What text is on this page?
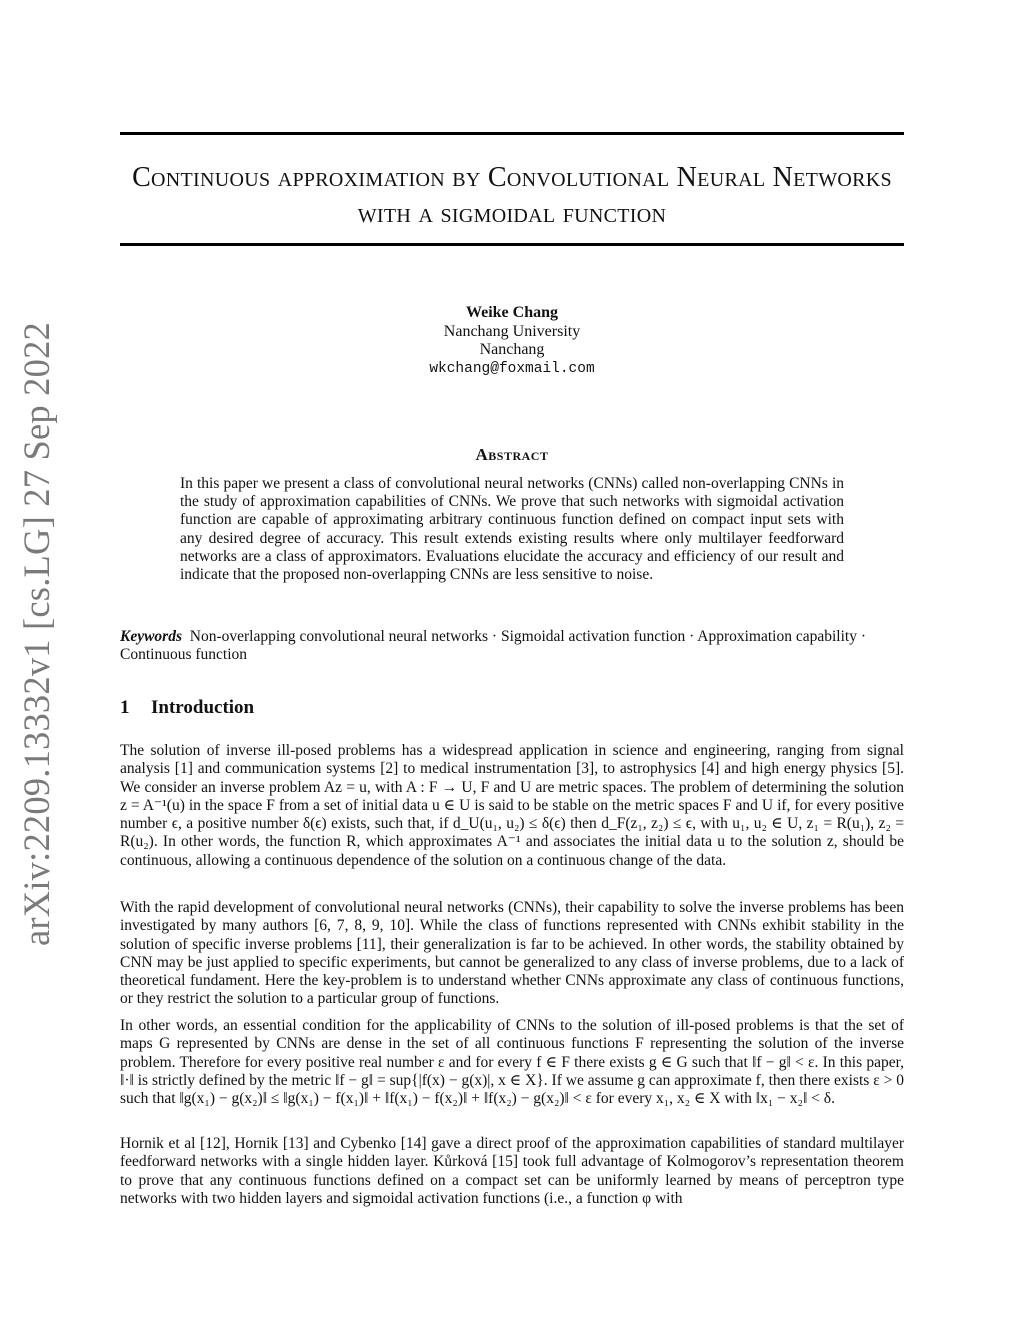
arXiv:2209.13332v1 [cs.LG] 27 Sep 2022
Continuous approximation by Convolutional Neural Networks with a sigmoidal function
Weike Chang
Nanchang University
Nanchang
wkchang@foxmail.com
Abstract

In this paper we present a class of convolutional neural networks (CNNs) called non-overlapping CNNs in the study of approximation capabilities of CNNs. We prove that such networks with sigmoidal activation function are capable of approximating arbitrary continuous function defined on compact input sets with any desired degree of accuracy. This result extends existing results where only multilayer feedforward networks are a class of approximators. Evaluations elucidate the accuracy and efficiency of our result and indicate that the proposed non-overlapping CNNs are less sensitive to noise.

Keywords Non-overlapping convolutional neural networks · Sigmoidal activation function · Approximation capability · Continuous function

1 Introduction

The solution of inverse ill-posed problems has a widespread application in science and engineering, ranging from signal analysis [1] and communication systems [2] to medical instrumentation [3], to astrophysics [4] and high energy physics [5]. We consider an inverse problem Az = u, with A : F → U, F and U are metric spaces. The problem of determining the solution z = A⁻¹(u) in the space F from a set of initial data u ∈ U is said to be stable on the metric spaces F and U if, for every positive number ϵ, a positive number δ(ϵ) exists, such that, if d_U(u₁, u₂) ≤ δ(ϵ) then d_F(z₁, z₂) ≤ ϵ, with u₁, u₂ ∈ U, z₁ = R(u₁), z₂ = R(u₂). In other words, the function R, which approximates A⁻¹ and associates the initial data u to the solution z, should be continuous, allowing a continuous dependence of the solution on a continuous change of the data.

With the rapid development of convolutional neural networks (CNNs), their capability to solve the inverse problems has been investigated by many authors [6, 7, 8, 9, 10]. While the class of functions represented with CNNs exhibit stability in the solution of specific inverse problems [11], their generalization is far to be achieved. In other words, the stability obtained by CNN may be just applied to specific experiments, but cannot be generalized to any class of inverse problems, due to a lack of theoretical fundament. Here the key-problem is to understand whether CNNs approximate any class of continuous functions, or they restrict the solution to a particular group of functions.

In other words, an essential condition for the applicability of CNNs to the solution of ill-posed problems is that the set of maps G represented by CNNs are dense in the set of all continuous functions F representing the solution of the inverse problem. Therefore for every positive real number ε and for every f ∈ F there exists g ∈ G such that ‖f − g‖ < ε. In this paper, ‖·‖ is strictly defined by the metric ‖f − g‖ = sup{|f(x) − g(x)|, x ∈ X}. If we assume g can approximate f, then there exists ε > 0 such that ‖g(x₁) − g(x₂)‖ ≤ ‖g(x₁) − f(x₁)‖ + ‖f(x₁) − f(x₂)‖ + ‖f(x₂) − g(x₂)‖ < ε for every x₁, x₂ ∈ X with ‖x₁ − x₂‖ < δ.

Hornik et al [12], Hornik [13] and Cybenko [14] gave a direct proof of the approximation capabilities of standard multilayer feedforward networks with a single hidden layer. Kůrková [15] took full advantage of Kolmogorov’s representation theorem to prove that any continuous functions defined on a compact set can be uniformly learned by means of perceptron type networks with two hidden layers and sigmoidal activation functions (i.e., a function φ with
